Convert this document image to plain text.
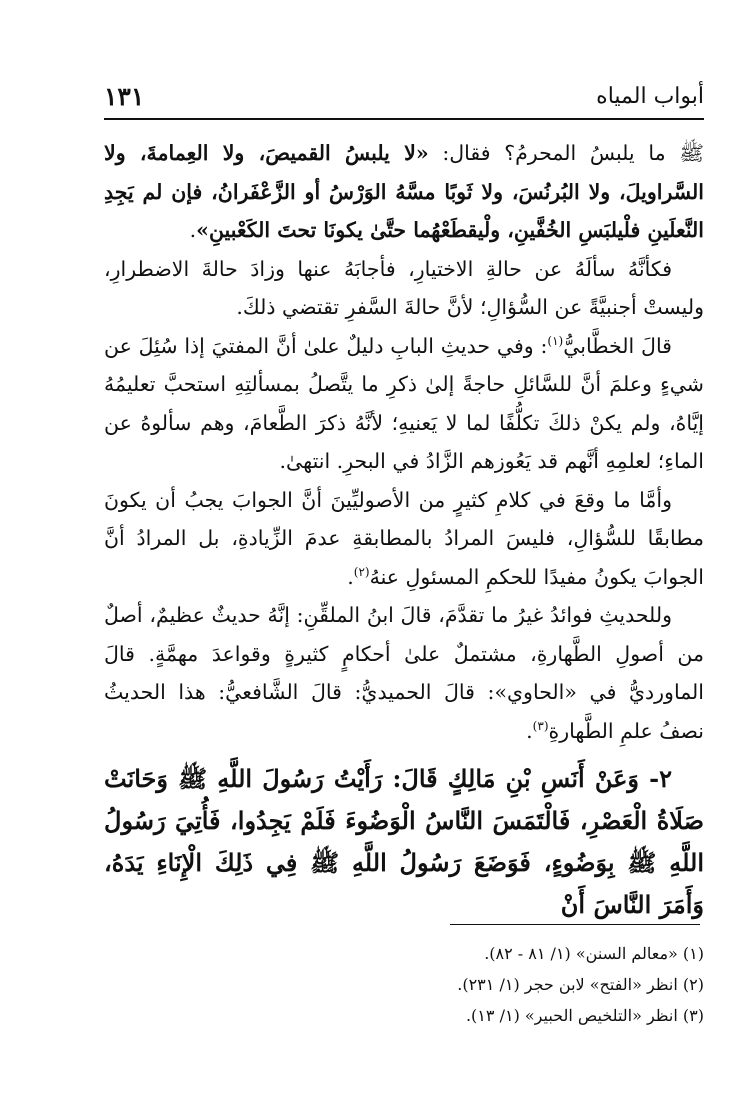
أبواب المياه
١٣١

ﷺ ما يلبسُ المحرمُ؟ فقال: «لا يلبسُ القميصَ، ولا العِمامةَ، ولا السَّراويلَ، ولا البُرنُسَ، ولا ثَوبًا مسَّهُ الوَرْسُ أو الزَّعْفَرانُ، فإن لم يَجِدِ النَّعلَينِ فلْيلبَسِ الخُفَّينِ، ولْيقطَعْهُما حتَّىٰ يكونَا تحتَ الكَعْبينِ».

فكأنَّهُ سألَهُ عن حالةِ الاختيارِ، فأجابَهُ عنها وزادَ حالةَ الاضطرارِ، وليستْ أجنبيَّةً عن السُّؤالِ؛ لأنَّ حالةَ السَّفرِ تقتضي ذلكَ.

قالَ الخطَّابيُّ$^{(١)}$: وفي حديثِ البابِ دليلٌ علىٰ أنَّ المفتيَ إذا سُئِلَ عن شيءٍ وعلمَ أنَّ للسَّائلِ حاجةً إلىٰ ذكرِ ما يتَّصلُ بمسألتِهِ استحبَّ تعليمُهُ إيَّاهُ، ولم يكنْ ذلكَ تكلُّفًا لما لا يَعنيهِ؛ لأنَّهُ ذكرَ الطَّعامَ، وهم سألوهُ عن الماءِ؛ لعلمِهِ أنَّهم قد يَعُوزهم الزَّادُ في البحرِ. انتهىٰ.

وأمَّا ما وقعَ في كلامِ كثيرٍ من الأصوليِّينَ أنَّ الجوابَ يجبُ أن يكونَ مطابقًا للسُّؤالِ، فليسَ المرادُ بالمطابقةِ عدمَ الزِّيادةِ، بل المرادُ أنَّ الجوابَ يكونُ مفيدًا للحكمِ المسئولِ عنهُ$^{(٢)}$.

وللحديثِ فوائدُ غيرُ ما تقدَّمَ، قالَ ابنُ الملقِّنِ: إنَّهُ حديثٌ عظيمٌ، أصلٌ من أصولِ الطَّهارةِ، مشتملٌ علىٰ أحكامٍ كثيرةٍ وقواعدَ مهمَّةٍ. قالَ الماورديُّ في «الحاوي»: قالَ الحميديُّ: قالَ الشَّافعيُّ: هذا الحديثُ نصفُ علمِ الطَّهارةِ$^{(٣)}$.

٢- وَعَنْ أَنَسِ بْنِ مَالِكٍ قَالَ: رَأَيْتُ رَسُولَ اللَّهِ ﷺ وَحَانَتْ صَلَاةُ الْعَصْرِ، فَالْتَمَسَ النَّاسُ الْوَضُوءَ فَلَمْ يَجِدُوا، فَأُتِيَ رَسُولُ اللَّهِ ﷺ بِوَضُوءٍ، فَوَضَعَ رَسُولُ اللَّهِ ﷺ فِي ذَلِكَ الْإِنَاءِ يَدَهُ، وَأَمَرَ النَّاسَ أَنْ

(١) «معالم السنن» (١/ ٨١ - ٨٢).

(٢) انظر «الفتح» لابن حجر (١/ ٢٣١).

(٣) انظر «التلخيص الحبير» (١/ ١٣).
